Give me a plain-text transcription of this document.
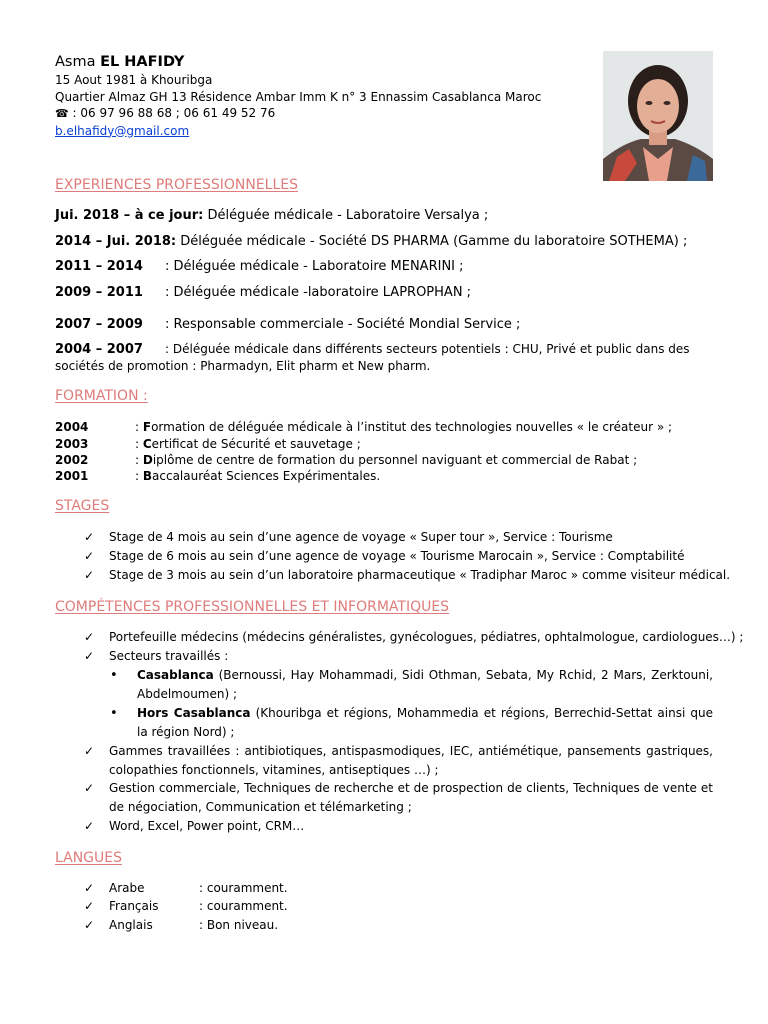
Asma EL HAFIDY
15 Aout 1981 à Khouribga
Quartier Almaz GH 13 Résidence Ambar Imm K n° 3 Ennassim Casablanca Maroc
☎ : 06 97 96 88 68 ; 06 61 49 52 76
b.elhafidy@gmail.com
EXPERIENCES PROFESSIONNELLES
Jui. 2018 – à ce jour: Déléguée médicale - Laboratoire Versalya ;
2014 – Jui. 2018: Déléguée médicale - Société DS PHARMA (Gamme du laboratoire SOTHEMA) ;
2011 – 2014 : Déléguée médicale - Laboratoire MENARINI ;
2009 – 2011 : Déléguée médicale -laboratoire LAPROPHAN ;
2007 – 2009 : Responsable commerciale - Société Mondial Service ;
2004 – 2007 : Déléguée médicale dans différents secteurs potentiels : CHU, Privé et public dans des sociétés de promotion : Pharmadyn, Elit pharm et New pharm.
FORMATION :
2004	: Formation de déléguée médicale à l’institut des technologies nouvelles « le créateur » ;
2003	: Certificat de Sécurité et sauvetage ;
2002	: Diplôme de centre de formation du personnel naviguant et commercial de Rabat ;
2001	: Baccalauréat Sciences Expérimentales.
STAGES
✓ Stage de 4 mois au sein d’une agence de voyage « Super tour », Service : Tourisme
✓ Stage de 6 mois au sein d’une agence de voyage « Tourisme Marocain », Service : Comptabilité
✓ Stage de 3 mois au sein d’un laboratoire pharmaceutique « Tradiphar Maroc » comme visiteur médical.
COMPÉTENCES PROFESSIONNELLES ET INFORMATIQUES
✓ Portefeuille médecins (médecins généralistes, gynécologues, pédiatres, ophtalmologue, cardiologues…) ;
✓ Secteurs travaillés :
• Casablanca (Bernoussi, Hay Mohammadi, Sidi Othman, Sebata, My Rchid, 2 Mars, Zerktouni, Abdelmoumen) ;
• Hors Casablanca (Khouribga et régions, Mohammedia et régions, Berrechid-Settat ainsi que la région Nord) ;
✓ Gammes travaillées : antibiotiques, antispasmodiques, IEC, antiémétique, pansements gastriques, colopathies fonctionnels, vitamines, antiseptiques …) ;
✓ Gestion commerciale, Techniques de recherche et de prospection de clients, Techniques de vente et de négociation, Communication et télémarketing ;
✓ Word, Excel, Power point, CRM…
LANGUES
✓ Arabe	: couramment.
✓ Français	: couramment.
✓ Anglais	: Bon niveau.
